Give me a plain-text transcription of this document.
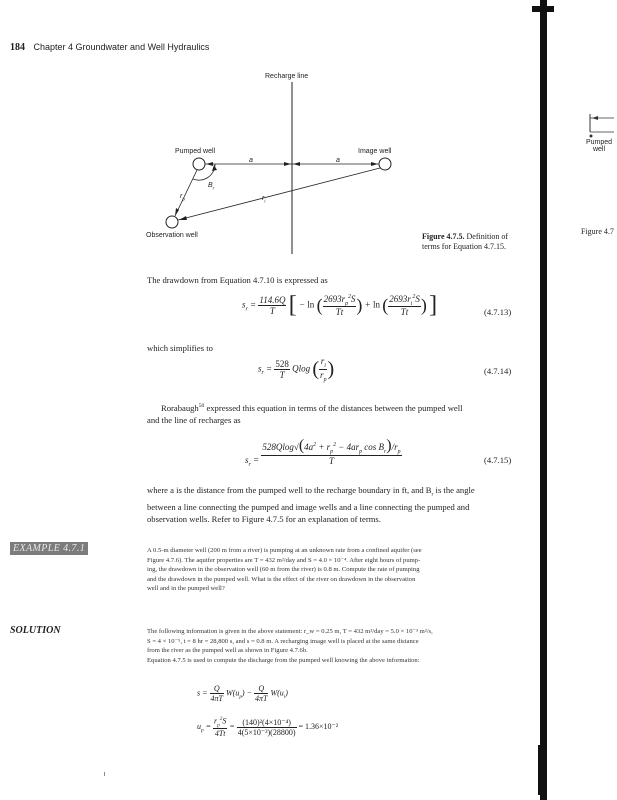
184 Chapter 4 Groundwater and Well Hydraulics
Pumped
well
Figure 4.7
Recharge line
Pumped well	Image well
Observation well
a	a
$B_r$
$r_p$	$r_i$
Figure 4.7.5. Definition of
terms for Equation 4.7.15.
The drawdown from Equation 4.7.10 is expressed as
$s_r = \frac{114.6Q}{T}$ [ − ln ( $\frac{2693r_p^2S}{Tt}$ ) + ln ( $\frac{2693r_i^2S}{Tt}$ ) ]	(4.7.13)
which simplifies to
$s_r = \frac{528}{T}$ Qlog ( $\frac{r_i}{r_p}$ )	(4.7.14)
Rorabaugh$^{50}$ expressed this equation in terms of the distances between the pumped well
and the line of recharges as
$s_r = \frac{528Qlog√(4a^2 + r_p^2 - 4ar_p \cos B_r)/r_p}{T}$	(4.7.15)
where a is the distance from the pumped well to the recharge boundary in ft, and $B_r$ is the angle
between a line connecting the pumped and image wells and a line connecting the pumped and
observation wells. Refer to Figure 4.7.5 for an explanation of terms.
EXAMPLE 4.7.1	A 0.5-m diameter well (200 m from a river) is pumping at an unknown rate from a confined aquifer (see
Figure 4.7.6). The aquifer properties are T = 432 m²/day and S = 4.0 × 10⁻⁴. After eight hours of pump-
ing, the drawdown in the observation well (60 m from the river) is 0.8 m. Compute the rate of pumping
and the drawdown in the pumped well. What is the effect of the river on drawdown in the observation
well and in the pumped well?
SOLUTION	The following information is given in the above statement: r_w = 0.25 m, T = 432 m²/day = 5.0 × 10⁻³ m²/s,
S = 4 × 10⁻⁵, t = 8 hr = 28,800 s, and s = 0.8 m. A recharging image well is placed at the same distance
from the river as the pumped well as shown in Figure 4.7.6b.
Equation 4.7.5 is used to compute the discharge from the pumped well knowing the above information:
$s = \frac{Q}{4\pi T} W(u_p) - \frac{Q}{4\pi T} W(u_i)$
$u_p = \frac{r_p^2S}{4Tt} = \frac{\text{(140)²(4×10⁻⁴)}}{\text{4(5×10⁻³)(28800)}} = 1.36\times 10^{-2}$
